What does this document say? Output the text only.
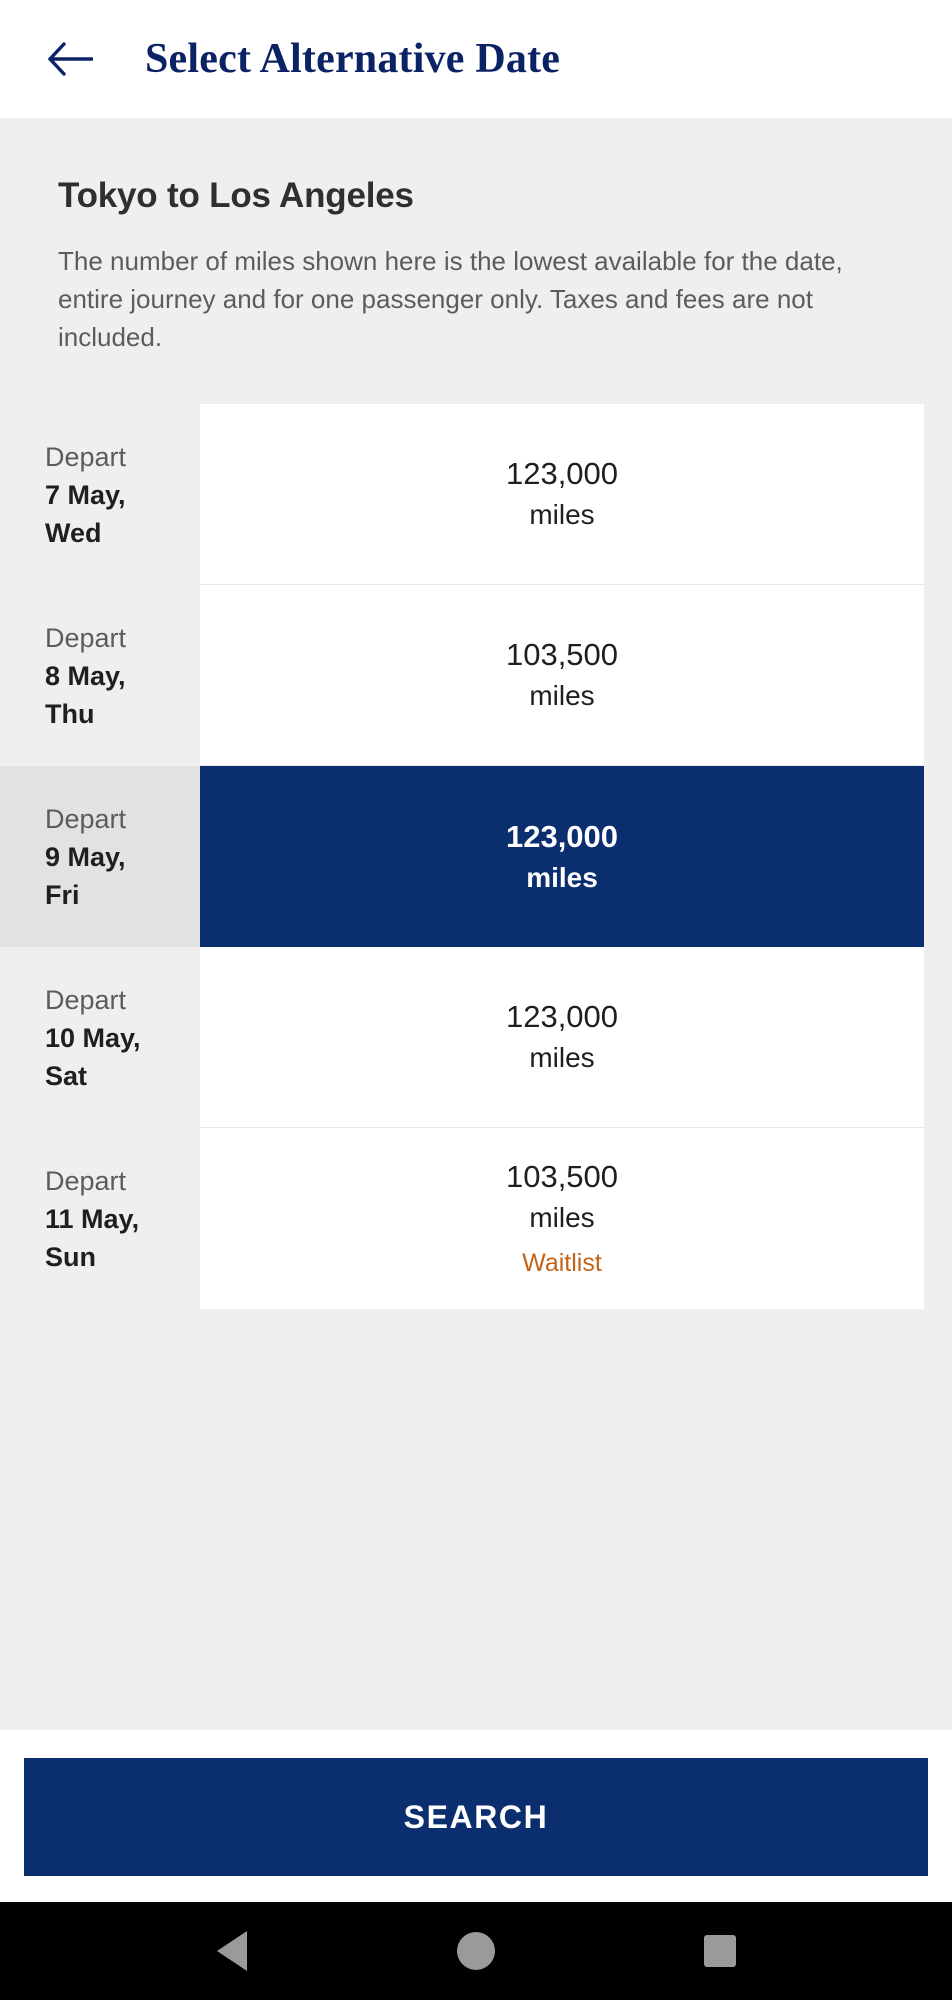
Select Alternative Date
Tokyo to Los Angeles
The number of miles shown here is the lowest available for the date, entire journey and for one passenger only. Taxes and fees are not included.
Depart
7 May,
Wed
123,000
miles
Depart
8 May,
Thu
103,500
miles
Depart
9 May,
Fri
123,000
miles
Depart
10 May,
Sat
123,000
miles
Depart
11 May,
Sun
103,500
miles
Waitlist
SEARCH
